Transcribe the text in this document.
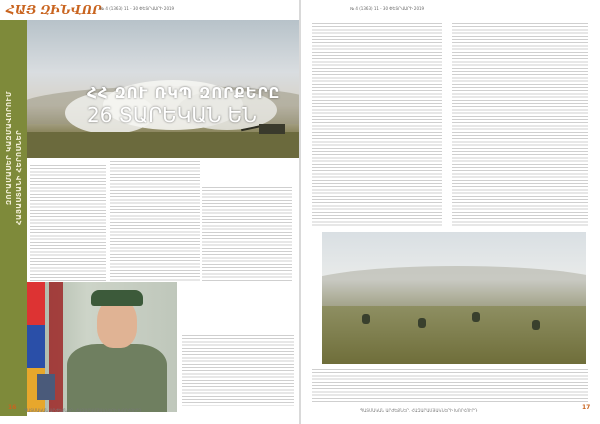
ՀԱՅ ԶԻՆՎՈՐ
№ 4 (1363) 11 - 30 ՓԵՏՐՎԱՐԻ 2019	№ 4 (1363) 11 - 30 ՓԵՏՐՎԱՐԻ 2019
ԶՈՐԱՄԱՍԵՐ ԿԱԶՄԱՎՈՐՈՒՄ ՀԱՅԱՍՏԱՆԻ ՀԵՐՈՍՆԵՐ
ՀՀ ԶՈՒ ՌԿՊ ԶՈՐՔԵՐԸ
26 ՏԱՐԵԿԱՆ ԵՆ
16 ՊԱՏՄԱԿԱՆ ԱՐԺԵՔՆԵՐ. ՀԱԶԱՐԱՄՅԱԿՆԵՐԻ ԽՈՐՀՈՒՐԴ	ՊԱՏՄԱԿԱՆ ԱՐԺԵՔՆԵՐ. ՀԱԶԱՐԱՄՅԱԿՆԵՐԻ ԽՈՐՀՈՒՐԴ	17
